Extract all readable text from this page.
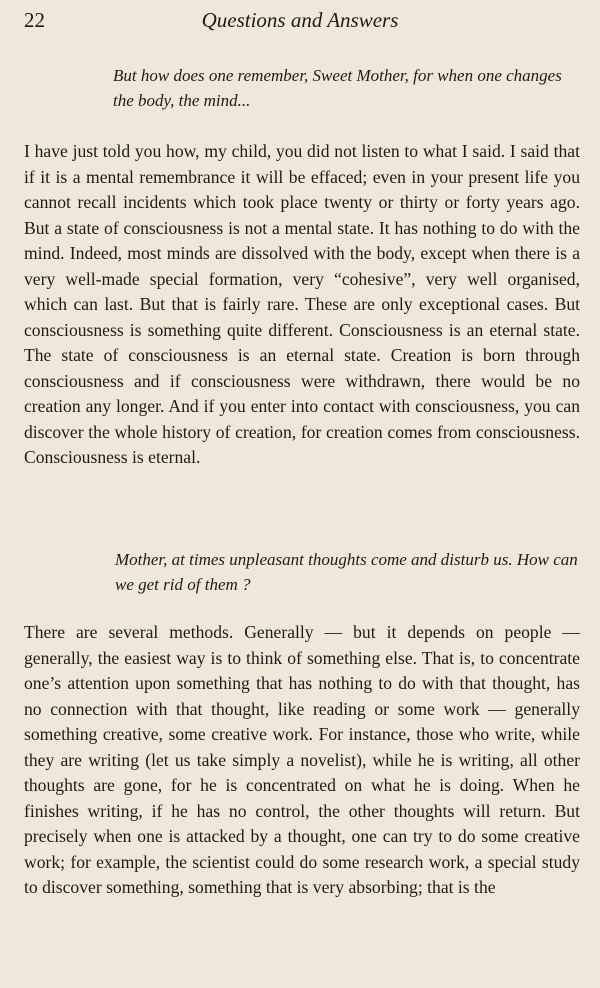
22	Questions and Answers
But how does one remember, Sweet Mother, for when one changes the body, the mind...

I have just told you how, my child, you did not listen to what I said. I said that if it is a mental remembrance it will be effaced; even in your present life you cannot recall incidents which took place twenty or thirty or forty years ago. But a state of consciousness is not a mental state. It has nothing to do with the mind. Indeed, most minds are dissolved with the body, except when there is a very well-made special formation, very “cohesive”, very well organised, which can last. But that is fairly rare. These are only exceptional cases. But consciousness is something quite different. Consciousness is an eternal state. The state of consciousness is an eternal state. Creation is born through consciousness and if consciousness were withdrawn, there would be no creation any longer. And if you enter into contact with consciousness, you can discover the whole history of creation, for creation comes from consciousness. Consciousness is eternal.

Mother, at times unpleasant thoughts come and disturb us. How can we get rid of them ?

There are several methods. Generally — but it depends on people — generally, the easiest way is to think of something else. That is, to concentrate one’s attention upon something that has nothing to do with that thought, has no connection with that thought, like reading or some work — generally something creative, some creative work. For instance, those who write, while they are writing (let us take simply a novelist), while he is writing, all other thoughts are gone, for he is concentrated on what he is doing. When he finishes writing, if he has no control, the other thoughts will return. But precisely when one is attacked by a thought, one can try to do some creative work; for example, the scientist could do some research work, a special study to discover something, something that is very absorbing; that is the
